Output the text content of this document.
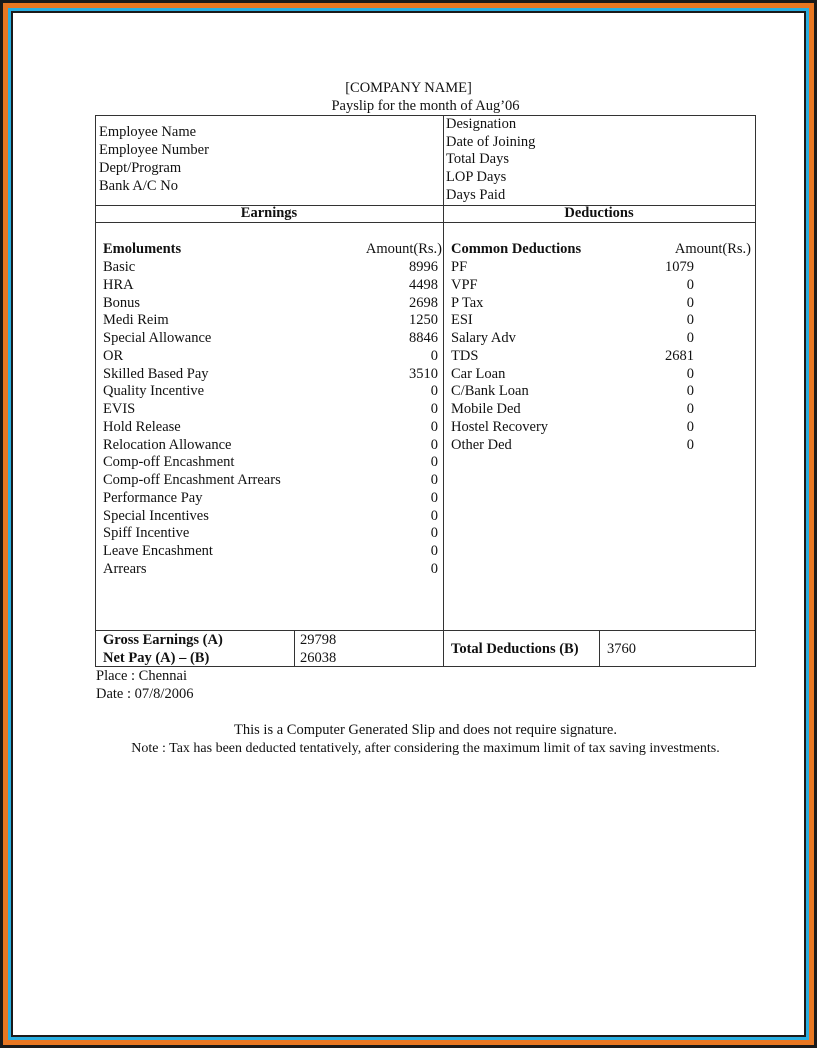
[COMPANY NAME]
Payslip for the month of Aug’06
Employee Name
Employee Number
Dept/Program
Bank A/C No
Designation
Date of Joining
Total Days
LOP Days
Days Paid
Earnings	Deductions
Emoluments	Amount(Rs.)
Basic	8996
HRA	4498
Bonus	2698
Medi Reim	1250
Special Allowance	8846
OR	0
Skilled Based Pay	3510
Quality Incentive	0
EVIS	0
Hold Release	0
Relocation Allowance	0
Comp-off Encashment	0
Comp-off Encashment Arrears	0
Performance Pay	0
Special Incentives	0
Spiff Incentive	0
Leave Encashment	0
Arrears	0
Common Deductions	Amount(Rs.)
PF	1079
VPF	0
P Tax	0
ESI	0
Salary Adv	0
TDS	2681
Car Loan	0
C/Bank Loan	0
Mobile Ded	0
Hostel Recovery	0
Other Ded	0
Gross Earnings (A)	29798
Net Pay (A) – (B)	26038
Total Deductions (B) 3760
Place : Chennai
Date : 07/8/2006
This is a Computer Generated Slip and does not require signature.
Note : Tax has been deducted tentatively, after considering the maximum limit of tax saving investments.
